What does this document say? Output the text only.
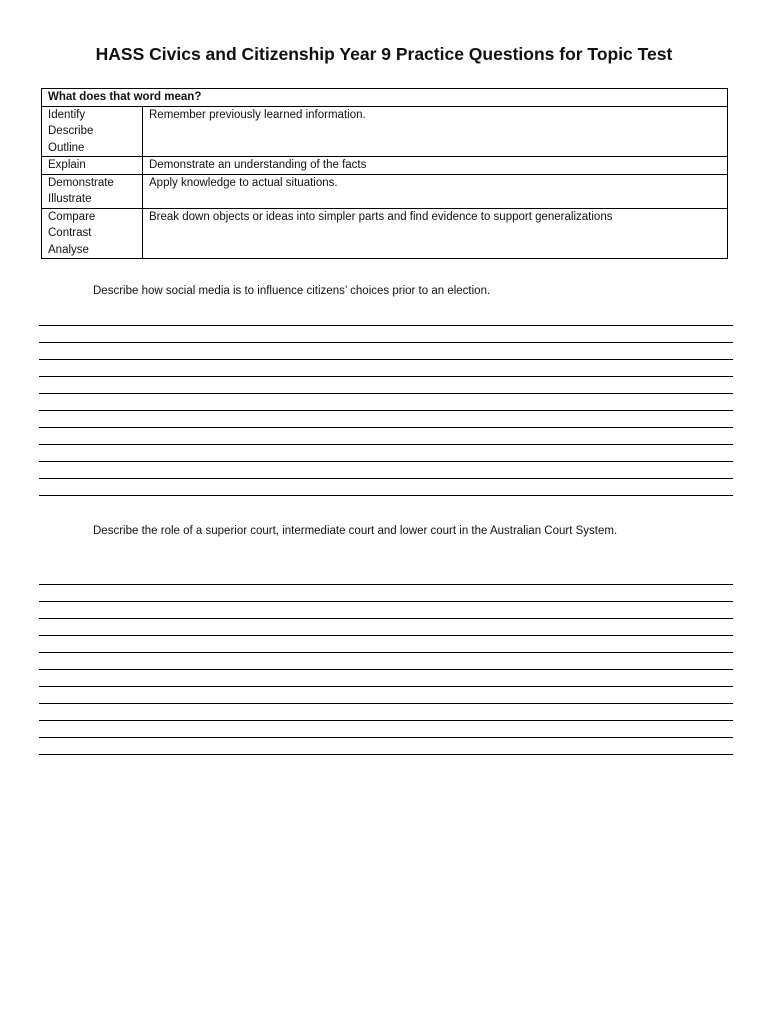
HASS Civics and Citizenship Year 9 Practice Questions for Topic Test
What does that word mean?	

Identify
Describe
Outline	Remember previously learned information.

Explain	Demonstrate an understanding of the facts

Demonstrate
Illustrate	Apply knowledge to actual situations.

Compare
Contrast
Analyse	Break down objects or ideas into simpler parts and find evidence to support generalizations
Describe how social media is to influence citizens’ choices prior to an election.
Describe the role of a superior court, intermediate court and lower court in the Australian Court System.
